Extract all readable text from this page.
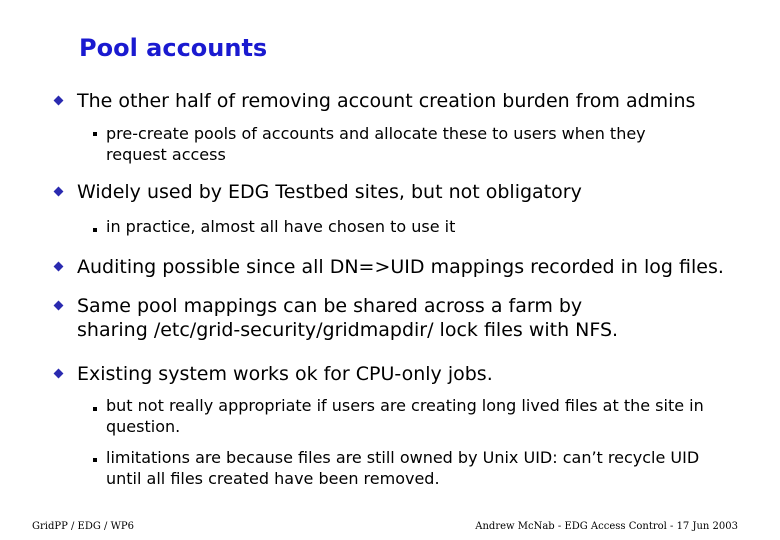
Pool accounts
The other half of removing account creation burden from admins
pre-create pools of accounts and allocate these to users when they request access
Widely used by EDG Testbed sites, but not obligatory
in practice, almost all have chosen to use it
Auditing possible since all DN=>UID mappings recorded in log files.
Same pool mappings can be shared across a farm by sharing /etc/grid-security/gridmapdir/ lock files with NFS.
Existing system works ok for CPU-only jobs.
but not really appropriate if users are creating long lived files at the site in question.
limitations are because files are still owned by Unix UID: can’t recycle UID until all files created have been removed.
GridPP / EDG / WP6	Andrew McNab - EDG Access Control - 17 Jun 2003
